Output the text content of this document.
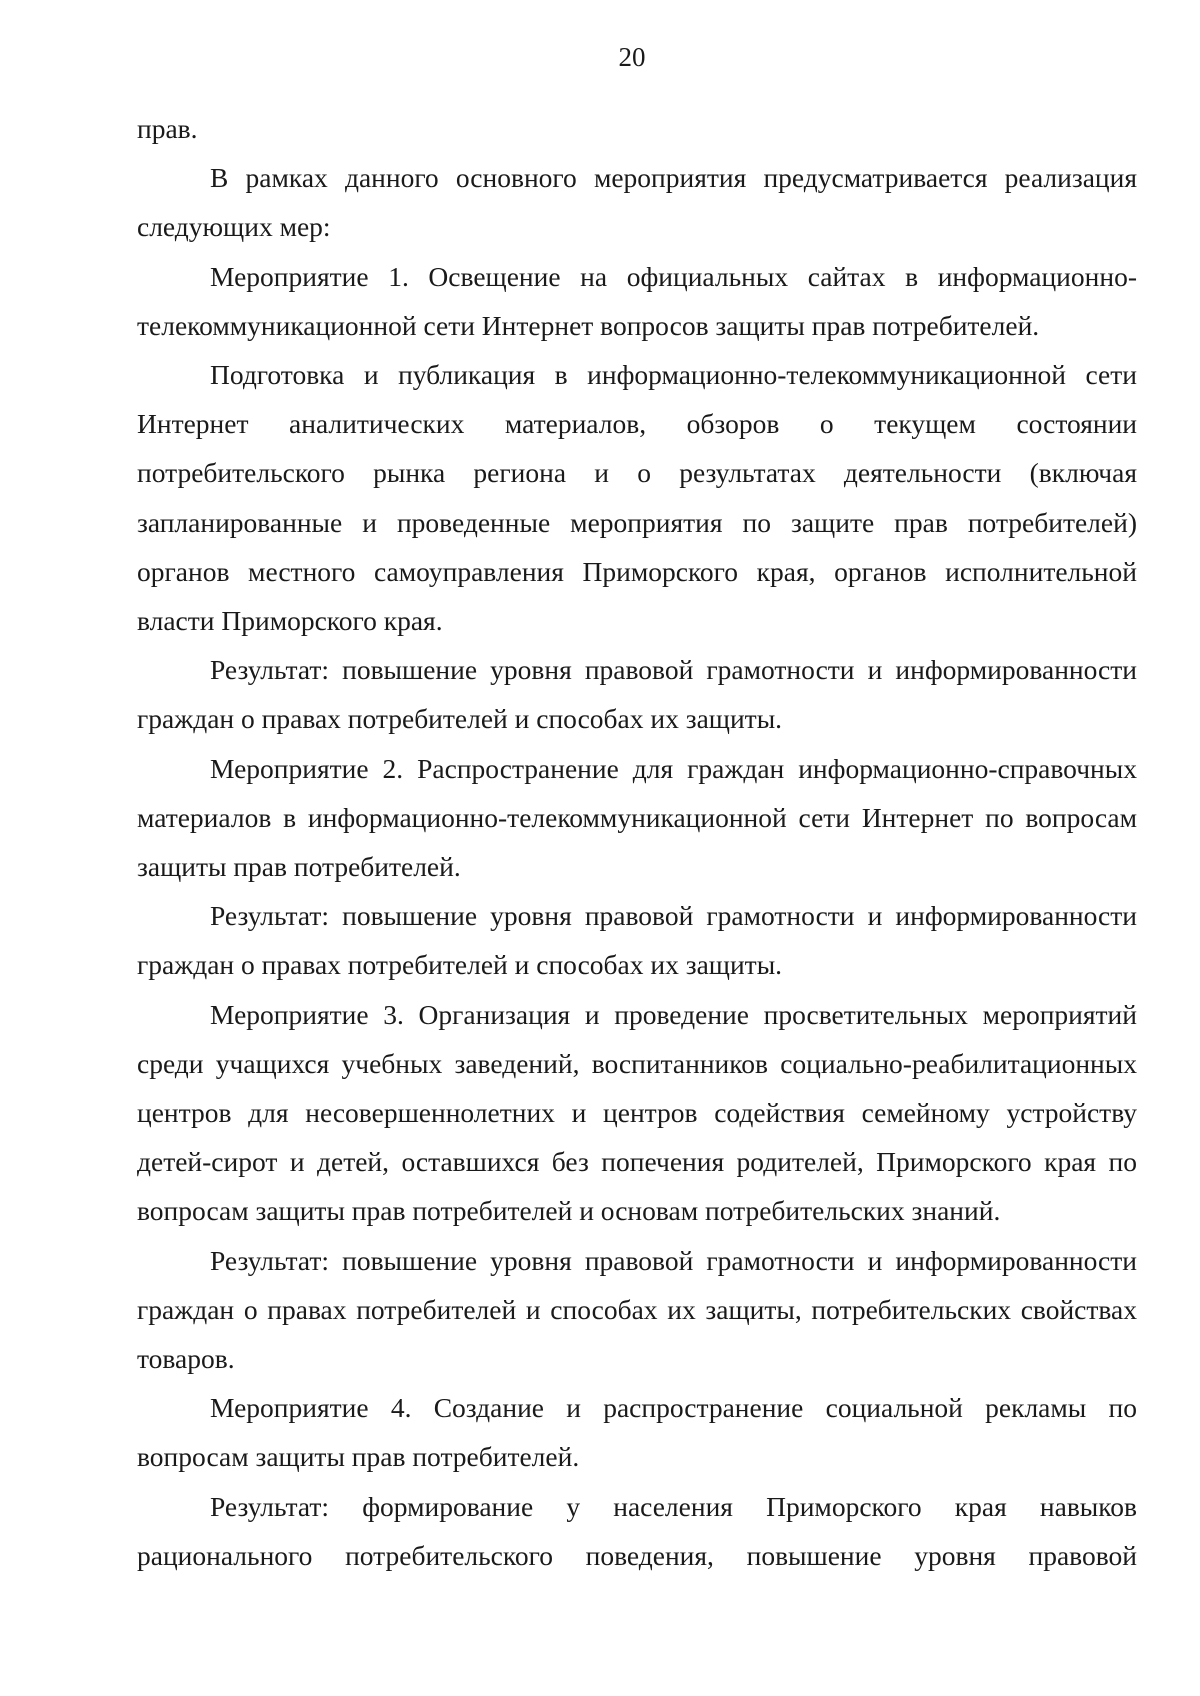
20

прав.

В рамках данного основного мероприятия предусматривается реализация следующих мер:

Мероприятие 1. Освещение на официальных сайтах в информационно-телекоммуникационной сети Интернет вопросов защиты прав потребителей.

Подготовка и публикация в информационно-телекоммуникационной сети Интернет аналитических материалов, обзоров о текущем состоянии потребительского рынка региона и о результатах деятельности (включая запланированные и проведенные мероприятия по защите прав потребителей) органов местного самоуправления Приморского края, органов исполнительной власти Приморского края.

Результат: повышение уровня правовой грамотности и информированности граждан о правах потребителей и способах их защиты.

Мероприятие 2. Распространение для граждан информационно-справочных материалов в информационно-телекоммуникационной сети Интернет по вопросам защиты прав потребителей.

Результат: повышение уровня правовой грамотности и информированности граждан о правах потребителей и способах их защиты.

Мероприятие 3. Организация и проведение просветительных мероприятий среди учащихся учебных заведений, воспитанников социально-реабилитационных центров для несовершеннолетних и центров содействия семейному устройству детей-сирот и детей, оставшихся без попечения родителей, Приморского края по вопросам защиты прав потребителей и основам потребительских знаний.

Результат: повышение уровня правовой грамотности и информированности граждан о правах потребителей и способах их защиты, потребительских свойствах товаров.

Мероприятие 4. Создание и распространение социальной рекламы по вопросам защиты прав потребителей.

Результат: формирование у населения Приморского края навыков рационального потребительского поведения, повышение уровня правовой
